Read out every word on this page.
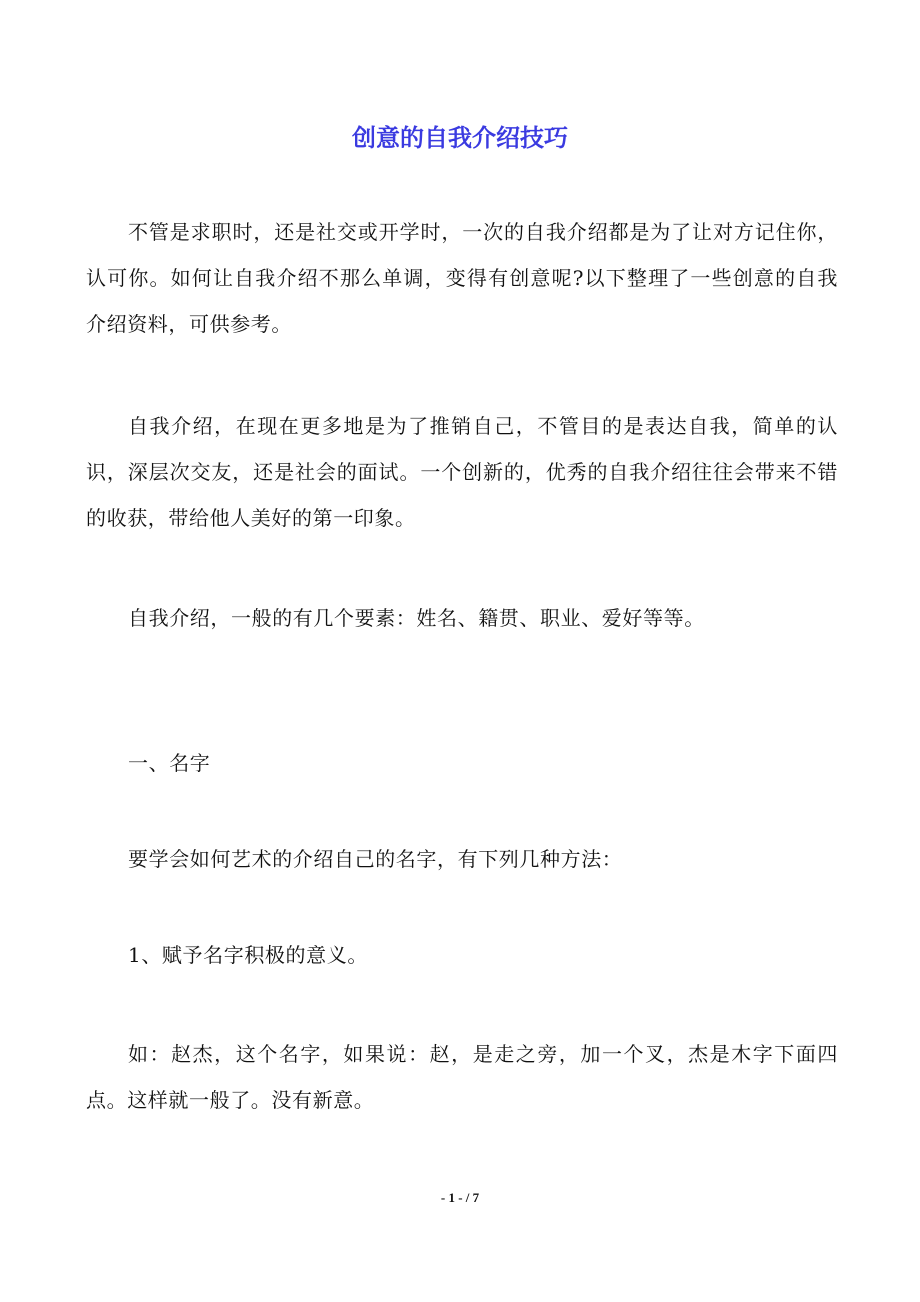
创意的自我介绍技巧

不管是求职时，还是社交或开学时，一次的自我介绍都是为了让对方记住你，认可你。如何让自我介绍不那么单调，变得有创意呢?以下整理了一些创意的自我介绍资料，可供参考。

自我介绍，在现在更多地是为了推销自己，不管目的是表达自我，简单的认识，深层次交友，还是社会的面试。一个创新的，优秀的自我介绍往往会带来不错的收获，带给他人美好的第一印象。

自我介绍，一般的有几个要素：姓名、籍贯、职业、爱好等等。

一、名字

要学会如何艺术的介绍自己的名字，有下列几种方法：

1、赋予名字积极的意义。

如：赵杰，这个名字，如果说：赵，是走之旁，加一个叉，杰是木字下面四点。这样就一般了。没有新意。

- 1 - / 7
